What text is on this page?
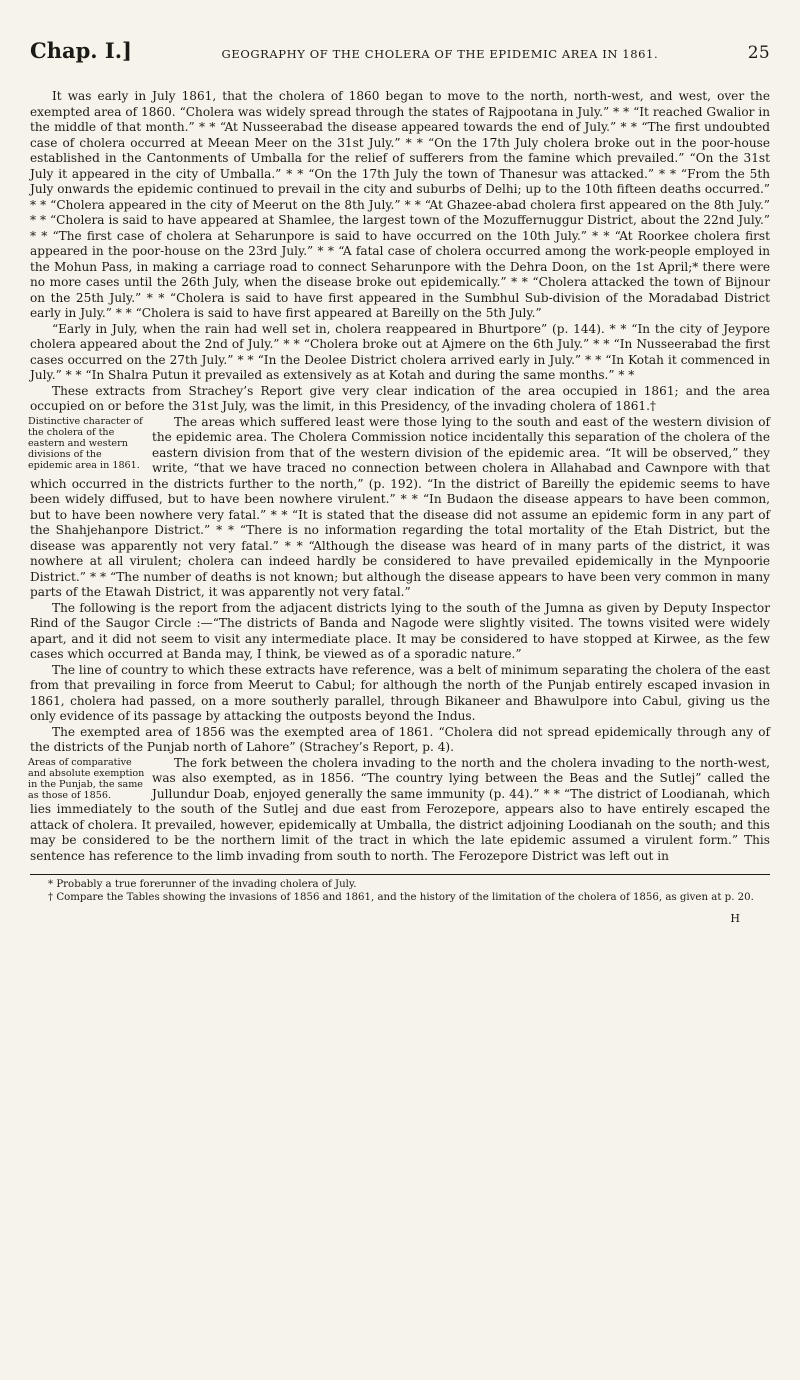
Chap. I.]	GEOGRAPHY OF THE CHOLERA OF THE EPIDEMIC AREA IN 1861.	25

It was early in July 1861, that the cholera of 1860 began to move to the north, north-west, and west, over the exempted area of 1860. “Cholera was widely spread through the states of Rajpootana in July.” * * “It reached Gwalior in the middle of that month.” * * “At Nusseerabad the disease appeared towards the end of July.” * * “The first undoubted case of cholera occurred at Meean Meer on the 31st July.” * * “On the 17th July cholera broke out in the poor-house established in the Cantonments of Umballa for the relief of sufferers from the famine which prevailed.” “On the 31st July it appeared in the city of Umballa.” * * “On the 17th July the town of Thanesur was attacked.” * * “From the 5th July onwards the epidemic continued to prevail in the city and suburbs of Delhi; up to the 10th fifteen deaths occurred.” * * “Cholera appeared in the city of Meerut on the 8th July.” * * “At Ghazee-abad cholera first appeared on the 8th July.” * * “Cholera is said to have appeared at Shamlee, the largest town of the Mozuffernuggur District, about the 22nd July.” * * “The first case of cholera at Seharunpore is said to have occurred on the 10th July.” * * “At Roorkee cholera first appeared in the poor-house on the 23rd July.” * * “A fatal case of cholera occurred among the work-people employed in the Mohun Pass, in making a carriage road to connect Seharunpore with the Dehra Doon, on the 1st April;* there were no more cases until the 26th July, when the disease broke out epidemically.” * * “Cholera attacked the town of Bijnour on the 25th July.” * * “Cholera is said to have first appeared in the Sumbhul Sub-division of the Moradabad District early in July.” * * “Cholera is said to have first appeared at Bareilly on the 5th July.”

“Early in July, when the rain had well set in, cholera reappeared in Bhurtpore” (p. 144). * * “In the city of Jeypore cholera appeared about the 2nd of July.” * * “Cholera broke out at Ajmere on the 6th July.” * * “In Nusseerabad the first cases occurred on the 27th July.” * * “In the Deolee District cholera arrived early in July.” * * “In Kotah it commenced in July.” * * “In Shalra Putun it prevailed as extensively as at Kotah and during the same months.” * *

These extracts from Strachey’s Report give very clear indication of the area occupied in 1861; and the area occupied on or before the 31st July, was the limit, in this Presidency, of the invading cholera of 1861.†

Distinctive character of the cholera of the eastern and western divisions of the epidemic area in 1861.
The areas which suffered least were those lying to the south and east of the western division of the epidemic area. The Cholera Commission notice incidentally this separation of the cholera of the eastern division from that of the western division of the epidemic area. “It will be observed,” they write, “that we have traced no connection between cholera in Allahabad and Cawnpore with that which occurred in the districts further to the north,” (p. 192). “In the district of Bareilly the epidemic seems to have been widely diffused, but to have been nowhere virulent.” * * “In Budaon the disease appears to have been common, but to have been nowhere very fatal.” * * “It is stated that the disease did not assume an epidemic form in any part of the Shahjehanpore District.” * * “There is no information regarding the total mortality of the Etah District, but the disease was apparently not very fatal.” * * “Although the disease was heard of in many parts of the district, it was nowhere at all virulent; cholera can indeed hardly be considered to have prevailed epidemically in the Mynpoorie District.” * * “The number of deaths is not known; but although the disease appears to have been very common in many parts of the Etawah District, it was apparently not very fatal.”

The following is the report from the adjacent districts lying to the south of the Jumna as given by Deputy Inspector Rind of the Saugor Circle :—“The districts of Banda and Nagode were slightly visited. The towns visited were widely apart, and it did not seem to visit any intermediate place. It may be considered to have stopped at Kirwee, as the few cases which occurred at Banda may, I think, be viewed as of a sporadic nature.”

The line of country to which these extracts have reference, was a belt of minimum separating the cholera of the east from that prevailing in force from Meerut to Cabul; for although the north of the Punjab entirely escaped invasion in 1861, cholera had passed, on a more southerly parallel, through Bikaneer and Bhawulpore into Cabul, giving us the only evidence of its passage by attacking the outposts beyond the Indus.

The exempted area of 1856 was the exempted area of 1861. “Cholera did not spread epidemically through any of the districts of the Punjab north of Lahore” (Strachey’s Report, p. 4).

Areas of comparative and absolute exemption in the Punjab, the same as those of 1856.
The fork between the cholera invading to the north and the cholera invading to the north-west, was also exempted, as in 1856. “The country lying between the Beas and the Sutlej” called the Jullundur Doab, enjoyed generally the same immunity (p. 44).” * * “The district of Loodianah, which lies immediately to the south of the Sutlej and due east from Ferozepore, appears also to have entirely escaped the attack of cholera. It prevailed, however, epidemically at Umballa, the district adjoining Loodianah on the south; and this may be considered to be the northern limit of the tract in which the late epidemic assumed a virulent form.” This sentence has reference to the limb invading from south to north. The Ferozepore District was left out in

* Probably a true forerunner of the invading cholera of July.

† Compare the Tables showing the invasions of 1856 and 1861, and the history of the limitation of the cholera of 1856, as given at p. 20.

H
